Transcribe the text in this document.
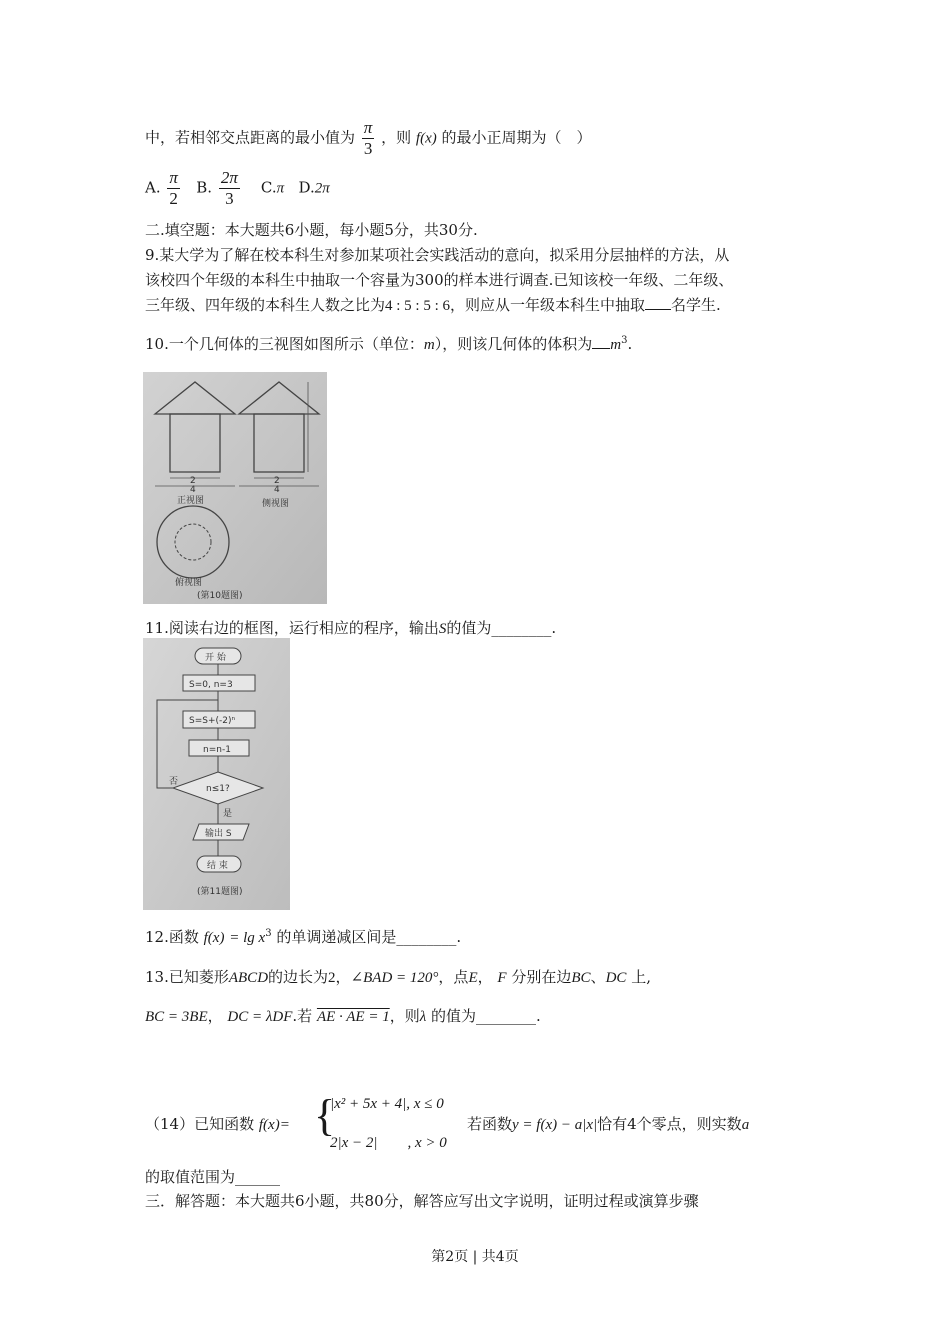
中，若相邻交点距离的最小值为 $\frac{\pi}{3}$ ，则 f(x) 的最小正周期为（　）
A. $\frac{\pi}{2} B$. $\frac{2\pi}{3} C.\pi$ D.2π
二.填空题：本大题共6小题，每小题5分，共30分.
9.某大学为了解在校本科生对参加某项社会实践活动的意向，拟采用分层抽样的方法，从
该校四个年级的本科生中抽取一个容量为300的样本进行调查.已知该校一年级、二年级、
三年级、四年级的本科生人数之比为4 : 5 : 5 : 6，则应从一年级本科生中抽取 名学生.
10.一个几何体的三视图如图所示（单位：m），则该几何体的体积为 $m^3$.
2
4
正视图
2
4
侧视图
俯视图
(第10题图)
11.阅读右边的框图，运行相应的程序，输出S的值为________.
开 始
S=0, n=3
S=S+(-2)ⁿ
n=n-1
n≤1?
否
是
输出 S
结 束
(第11题图)
12.函数 $f(x) = \lg x^3$ 的单调递减区间是________.
13.已知菱形ABCD的边长为2，∠BAD = 120°，点E， F 分别在边BC、DC 上,
BC = 3BE， DC = λDF.若 AE · AE = 1，则λ 的值为________.
（14）已知函数 f(x)= {
|x² + 5x + 4|, x ≤ 0
2|x − 2|　　, x > 0
若函数y = f(x) − a|x|恰有4个零点，则实数a
的取值范围为______
三．解答题：本大题共6小题，共80分，解答应写出文字说明，证明过程或演算步骤
第2页 | 共4页
